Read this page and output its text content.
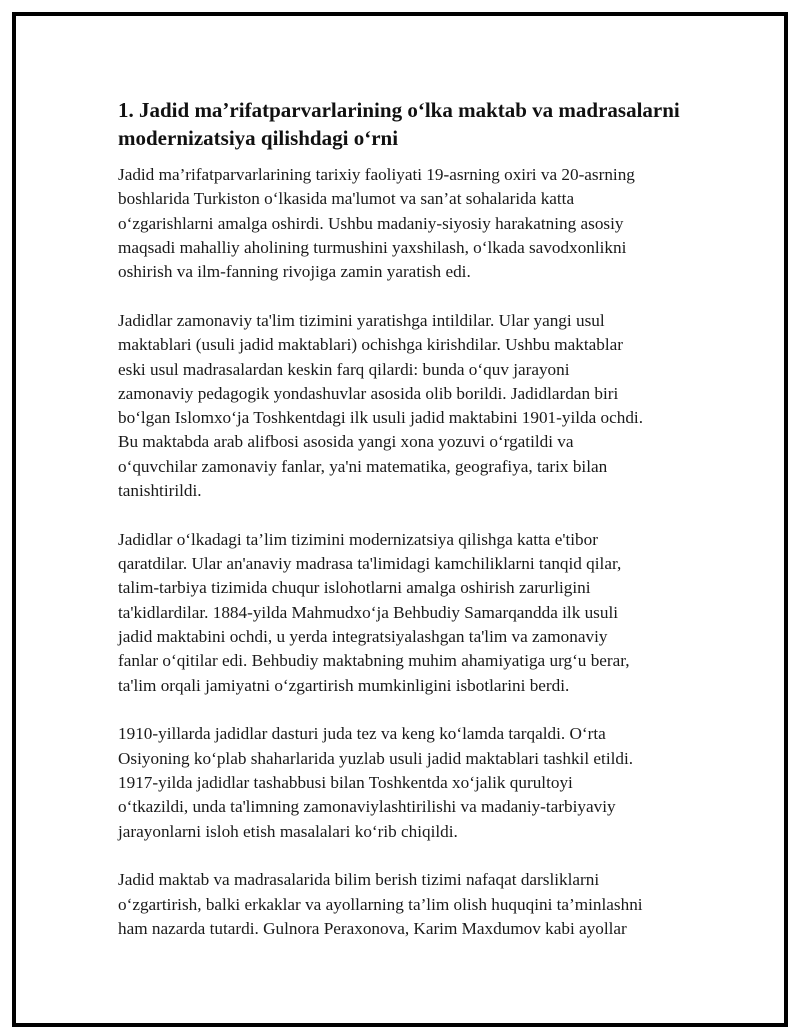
1. Jadid ma’rifatparvarlarining o‘lka maktab va madrasalarni
modernizatsiya qilishdagi o‘rni

Jadid ma’rifatparvarlarining tarixiy faoliyati 19-asrning oxiri va 20-asrning
boshlarida Turkiston o‘lkasida ma'lumot va san’at sohalarida katta
o‘zgarishlarni amalga oshirdi. Ushbu madaniy-siyosiy harakatning asosiy
maqsadi mahalliy aholining turmushini yaxshilash, o‘lkada savodxonlikni
oshirish va ilm-fanning rivojiga zamin yaratish edi.

Jadidlar zamonaviy ta'lim tizimini yaratishga intildilar. Ular yangi usul
maktablari (usuli jadid maktablari) ochishga kirishdilar. Ushbu maktablar
eski usul madrasalardan keskin farq qilardi: bunda o‘quv jarayoni
zamonaviy pedagogik yondashuvlar asosida olib borildi. Jadidlardan biri
bo‘lgan Islomxo‘ja Toshkentdagi ilk usuli jadid maktabini 1901-yilda ochdi.
Bu maktabda arab alifbosi asosida yangi xona yozuvi o‘rgatildi va
o‘quvchilar zamonaviy fanlar, ya'ni matematika, geografiya, tarix bilan
tanishtirildi.

Jadidlar o‘lkadagi ta’lim tizimini modernizatsiya qilishga katta e'tibor
qaratdilar. Ular an'anaviy madrasa ta'limidagi kamchiliklarni tanqid qilar,
talim-tarbiya tizimida chuqur islohotlarni amalga oshirish zarurligini
ta'kidlardilar. 1884-yilda Mahmudxo‘ja Behbudiy Samarqandda ilk usuli
jadid maktabini ochdi, u yerda integratsiyalashgan ta'lim va zamonaviy
fanlar o‘qitilar edi. Behbudiy maktabning muhim ahamiyatiga urg‘u berar,
ta'lim orqali jamiyatni o‘zgartirish mumkinligini isbotlarini berdi.

1910-yillarda jadidlar dasturi juda tez va keng ko‘lamda tarqaldi. O‘rta
Osiyoning ko‘plab shaharlarida yuzlab usuli jadid maktablari tashkil etildi.
1917-yilda jadidlar tashabbusi bilan Toshkentda xo‘jalik qurultoyi
o‘tkazildi, unda ta'limning zamonaviylashtirilishi va madaniy-tarbiyaviy
jarayonlarni isloh etish masalalari ko‘rib chiqildi.

Jadid maktab va madrasalarida bilim berish tizimi nafaqat darsliklarni
o‘zgartirish, balki erkaklar va ayollarning ta’lim olish huquqini ta’minlashni
ham nazarda tutardi. Gulnora Peraxonova, Karim Maxdumov kabi ayollar
